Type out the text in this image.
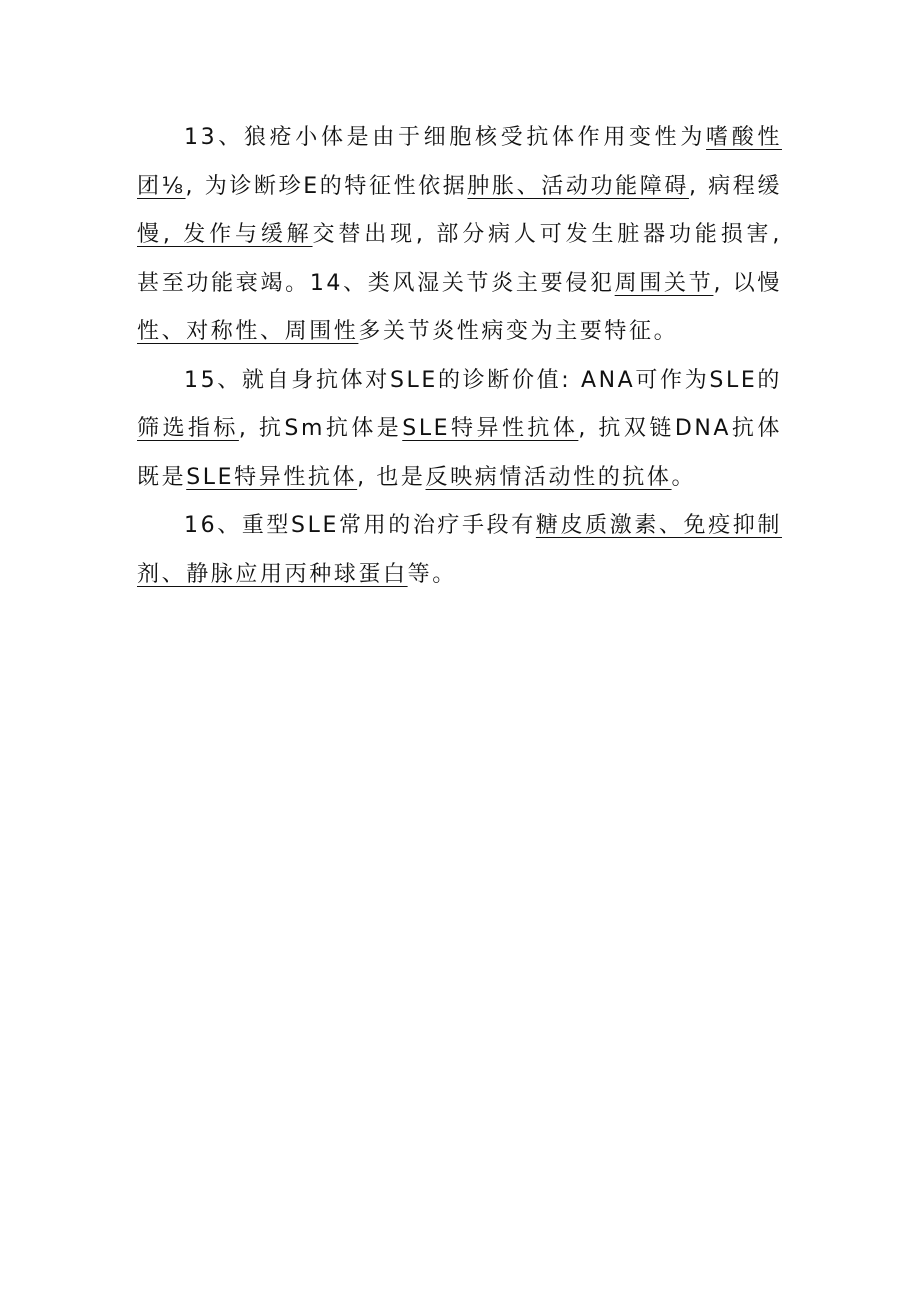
13、狼疮小体是由于细胞核受抗体作用变性为嗜酸性团⅛, 为诊断珍E的特征性依据肿胀、活动功能障碍, 病程缓慢, 发作与缓解交替出现, 部分病人可发生脏器功能损害, 甚至功能衰竭。14、类风湿关节炎主要侵犯周围关节, 以慢性、对称性、周围性多关节炎性病变为主要特征。

15、就自身抗体对SLE的诊断价值: ANA可作为SLE的筛选指标, 抗Sm抗体是SLE特异性抗体, 抗双链DNA抗体既是SLE特异性抗体, 也是反映病情活动性的抗体。

16、重型SLE常用的治疗手段有糖皮质激素、免疫抑制剂、静脉应用丙种球蛋白等。
